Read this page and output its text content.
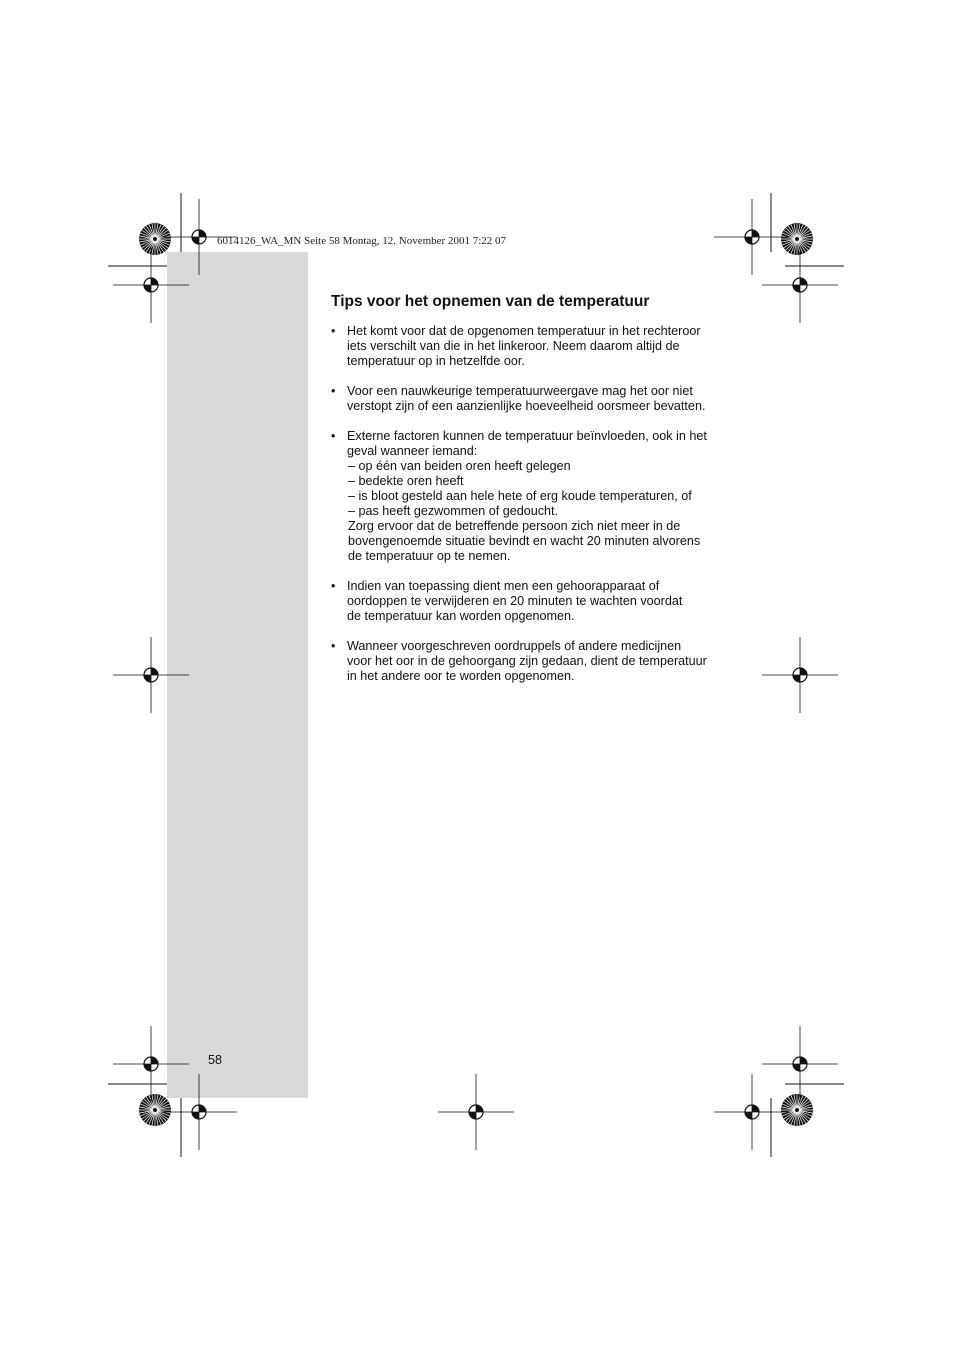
6014126_WA_MN Seite 58 Montag, 12. November 2001 7:22 07
Tips voor het opnemen van de temperatuur
• Het komt voor dat de opgenomen temperatuur in het rechteroor
iets verschilt van die in het linkeroor. Neem daarom altijd de
temperatuur op in hetzelfde oor.
• Voor een nauwkeurige temperatuurweergave mag het oor niet
verstopt zijn of een aanzienlijke hoeveelheid oorsmeer bevatten.
• Externe factoren kunnen de temperatuur beïnvloeden, ook in het
geval wanneer iemand:
– op één van beiden oren heeft gelegen
– bedekte oren heeft
– is bloot gesteld aan hele hete of erg koude temperaturen, of
– pas heeft gezwommen of gedoucht.
Zorg ervoor dat de betreffende persoon zich niet meer in de
bovengenoemde situatie bevindt en wacht 20 minuten alvorens
de temperatuur op te nemen.
• Indien van toepassing dient men een gehoorapparaat of
oordoppen te verwijderen en 20 minuten te wachten voordat
de temperatuur kan worden opgenomen.
• Wanneer voorgeschreven oordruppels of andere medicijnen
voor het oor in de gehoorgang zijn gedaan, dient de temperatuur
in het andere oor te worden opgenomen.
58
